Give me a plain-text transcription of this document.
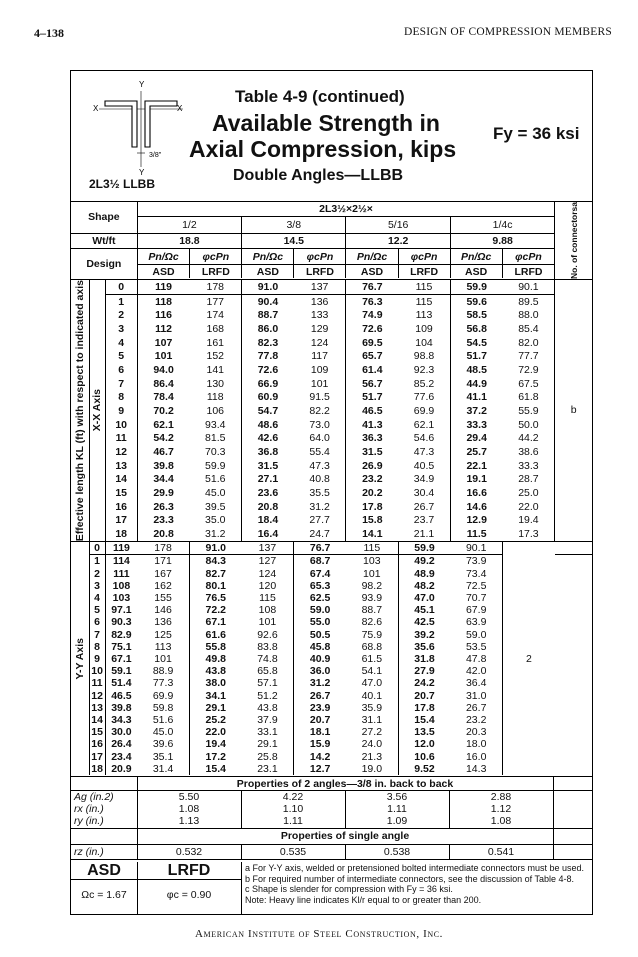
4–138	DESIGN OF COMPRESSION MEMBERS
Y
X	X
3/8"
Y
Table 4-9 (continued)
Available Strength in
Axial Compression, kips
Fy = 36 ksi
Double Angles—LLBB
2L3½ LLBB
Shape	2L3½×2½×	No. of connectorsa

1/2	3/8	5/16	1/4c
Wt/ft	18.8	14.5	12.2	9.88
Design	
Pn/Ωc	φcPn	Pn/Ωc	φcPn	Pn/Ωc	φcPn	Pn/Ωc	φcPn
ASD	LRFD	ASD	LRFD	ASD	LRFD	ASD	LRFD

Effective length KL (ft) with respect to indicated axis	X-X Axis
	0	119	178	91.0	137	76.7	115	59.9	90.1	b
1	118	177	90.4	136	76.3	115	59.6	89.5
2	116	174	88.7	133	74.9	113	58.5	88.0
3	112	168	86.0	129	72.6	109	56.8	85.4
4	107	161	82.3	124	69.5	104	54.5	82.0
5	101	152	77.8	117	65.7	98.8	51.7	77.7
6	94.0	141	72.6	109	61.4	92.3	48.5	72.9
7	86.4	130	66.9	101	56.7	85.2	44.9	67.5
8	78.4	118	60.9	91.5	51.7	77.6	41.1	61.8
9	70.2	106	54.7	82.2	46.5	69.9	37.2	55.9
10	62.1	93.4	48.6	73.0	41.3	62.1	33.3	50.0
11	54.2	81.5	42.6	64.0	36.3	54.6	29.4	44.2
12	46.7	70.3	36.8	55.4	31.5	47.3	25.7	38.6
13	39.8	59.9	31.5	47.3	26.9	40.5	22.1	33.3
14	34.4	51.6	27.1	40.8	23.2	34.9	19.1	28.7
15	29.9	45.0	23.6	35.5	20.2	30.4	16.6	25.0
16	26.3	39.5	20.8	31.2	17.8	26.7	14.6	22.0
17	23.3	35.0	18.4	27.7	15.8	23.7	12.9	19.4
18	20.8	31.2	16.4	24.7	14.1	21.1	11.5	17.3

Y-Y Axis
	0	119	178	91.0	137	76.7	115	59.9	90.1	2
1	114	171	84.3	127	68.7	103	49.2	73.9
2	111	167	82.7	124	67.4	101	48.9	73.4
3	108	162	80.1	120	65.3	98.2	48.2	72.5
4	103	155	76.5	115	62.5	93.9	47.0	70.7
5	97.1	146	72.2	108	59.0	88.7	45.1	67.9
6	90.3	136	67.1	101	55.0	82.6	42.5	63.9
7	82.9	125	61.6	92.6	50.5	75.9	39.2	59.0
8	75.1	113	55.8	83.8	45.8	68.8	35.6	53.5
9	67.1	101	49.8	74.8	40.9	61.5	31.8	47.8
10	59.1	88.9	43.8	65.8	36.0	54.1	27.9	42.0
11	51.4	77.3	38.0	57.1	31.2	47.0	24.2	36.4
12	46.5	69.9	34.1	51.2	26.7	40.1	20.7	31.0
13	39.8	59.8	29.1	43.8	23.9	35.9	17.8	26.7
14	34.3	51.6	25.2	37.9	20.7	31.1	15.4	23.2
15	30.0	45.0	22.0	33.1	18.1	27.2	13.5	20.3
16	26.4	39.6	19.4	29.1	15.9	24.0	12.0	18.0
17	23.4	35.1	17.2	25.8	14.2	21.3	10.6	16.0
18	20.9	31.4	15.4	23.1	12.7	19.0	9.52	14.3
	Properties of 2 angles—3/8 in. back to back				
Ag (in.2)	5.50	4.22	3.56	2.88	
rx (in.)	1.08	1.10	1.11	1.12	
ry (in.)	1.13	1.11	1.09	1.08	
	Properties of single angle				
rz (in.)	0.532	0.535	0.538	0.541	
ASD	LRFD
Ωc = 1.67	φc = 0.90
a For Y-Y axis, welded or pretensioned bolted intermediate connectors must be used.
b For required number of intermediate connectors, see the discussion of Table 4-8.
c Shape is slender for compression with Fy = 36 ksi.
Note: Heavy line indicates Kl/r equal to or greater than 200.
American Institute of Steel Construction, Inc.
